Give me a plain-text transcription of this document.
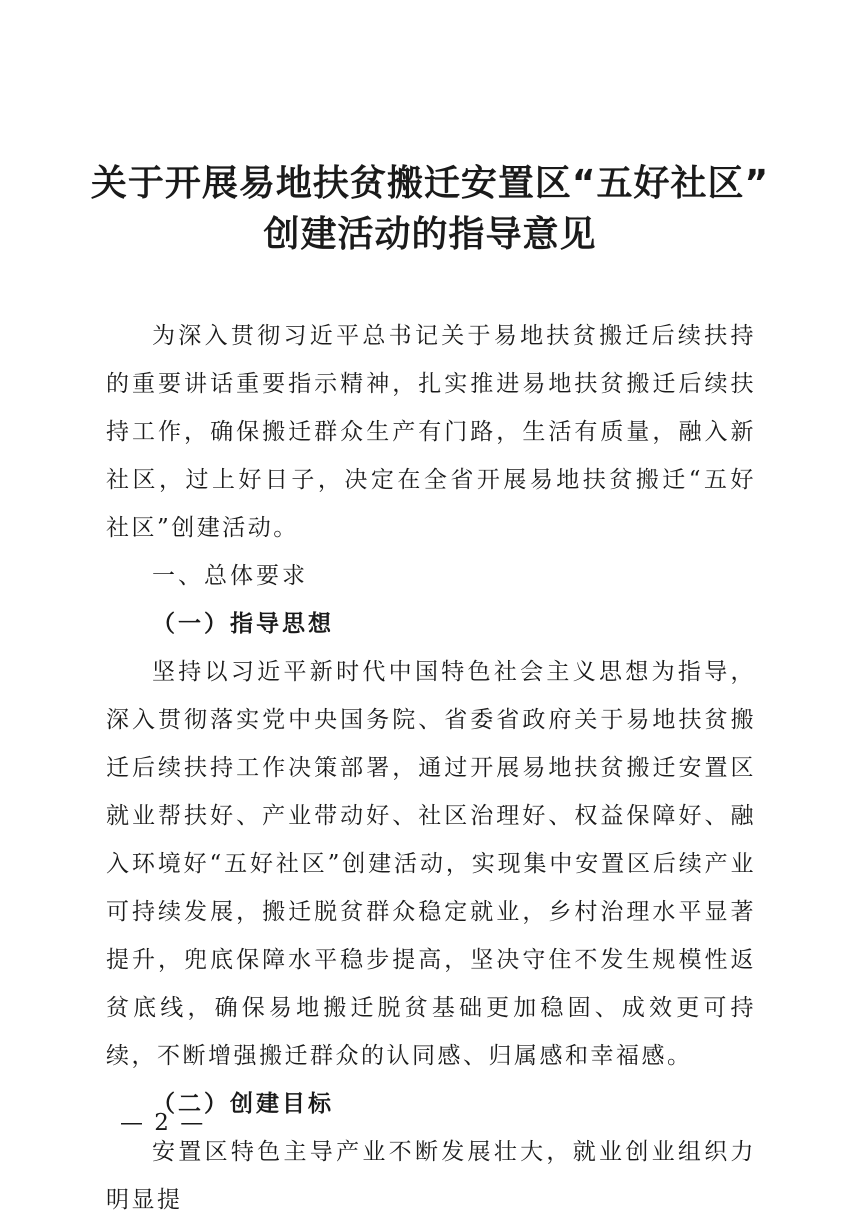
关于开展易地扶贫搬迁安置区“五好社区”
创建活动的指导意见

为深入贯彻习近平总书记关于易地扶贫搬迁后续扶持的重要讲话重要指示精神，扎实推进易地扶贫搬迁后续扶持工作，确保搬迁群众生产有门路，生活有质量，融入新社区，过上好日子，决定在全省开展易地扶贫搬迁“五好社区”创建活动。

一、总体要求

（一）指导思想

坚持以习近平新时代中国特色社会主义思想为指导，深入贯彻落实党中央国务院、省委省政府关于易地扶贫搬迁后续扶持工作决策部署，通过开展易地扶贫搬迁安置区就业帮扶好、产业带动好、社区治理好、权益保障好、融入环境好“五好社区”创建活动，实现集中安置区后续产业可持续发展，搬迁脱贫群众稳定就业，乡村治理水平显著提升，兜底保障水平稳步提高，坚决守住不发生规模性返贫底线，确保易地搬迁脱贫基础更加稳固、成效更可持续，不断增强搬迁群众的认同感、归属感和幸福感。

（二）创建目标

安置区特色主导产业不断发展壮大，就业创业组织力明显提

— 2 —
